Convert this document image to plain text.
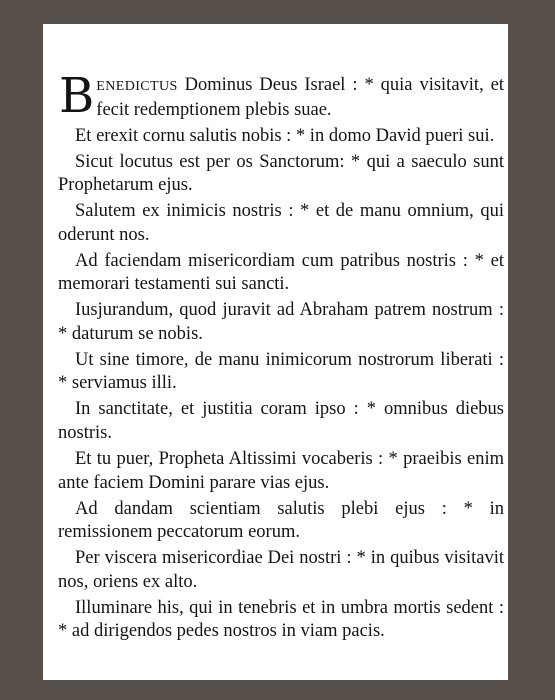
BENEDICTUS Dominus Deus Israel : * quia visitavit, et fecit redemptionem plebis suae.

Et erexit cornu salutis nobis : * in domo David pueri sui.

Sicut locutus est per os Sanctorum: * qui a saeculo sunt Prophetarum ejus.

Salutem ex inimicis nostris : * et de manu omnium, qui oderunt nos.

Ad faciendam misericordiam cum patribus nostris : * et memorari testamenti sui sancti.

Iusjurandum, quod juravit ad Abraham patrem nostrum : * daturum se nobis.

Ut sine timore, de manu inimicorum nostrorum liberati : * serviamus illi.

In sanctitate, et justitia coram ipso : * omnibus diebus nostris.

Et tu puer, Propheta Altissimi vocaberis : * praeibis enim ante faciem Domini parare vias ejus.

Ad dandam scientiam salutis plebi ejus : * in remissionem peccatorum eorum.

Per viscera misericordiae Dei nostri : * in quibus visitavit nos, oriens ex alto.

Illuminare his, qui in tenebris et in umbra mortis sedent : * ad dirigendos pedes nostros in viam pacis.
